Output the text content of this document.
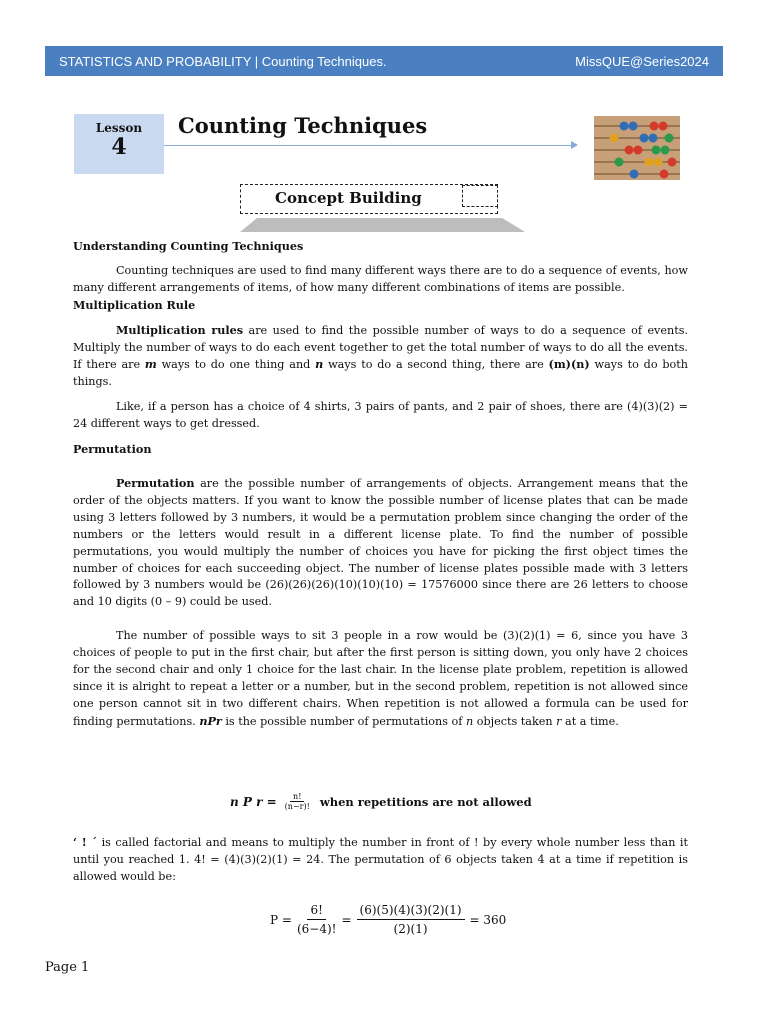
STATISTICS AND PROBABILITY | Counting Techniques.	MissQUE@Series2024
Lesson
4
Counting Techniques
Concept Building

Understanding Counting Techniques

Counting techniques are used to find many different ways there are to do a sequence of events, how many different arrangements of items, of how many different combinations of items are possible.

Multiplication Rule

Multiplication rules are used to find the possible number of ways to do a sequence of events. Multiply the number of ways to do each event together to get the total number of ways to do all the events. If there are m ways to do one thing and n ways to do a second thing, there are (m)(n) ways to do both things.

Like, if a person has a choice of 4 shirts, 3 pairs of pants, and 2 pair of shoes, there are (4)(3)(2) = 24 different ways to get dressed.

Permutation

Permutation are the possible number of arrangements of objects. Arrangement means that the order of the objects matters. If you want to know the possible number of license plates that can be made using 3 letters followed by 3 numbers, it would be a permutation problem since changing the order of the numbers or the letters would result in a different license plate. To find the number of possible permutations, you would multiply the number of choices you have for picking the first object times the number of choices for each succeeding object. The number of license plates possible made with 3 letters followed by 3 numbers would be (26)(26)(26)(10)(10)(10) = 17576000 since there are 26 letters to choose and 10 digits (0 – 9) could be used.

The number of possible ways to sit 3 people in a row would be (3)(2)(1) = 6, since you have 3 choices of people to put in the first chair, but after the first person is sitting down, you only have 2 choices for the second chair and only 1 choice for the last chair. In the license plate problem, repetition is allowed since it is alright to repeat a letter or a number, but in the second problem, repetition is not allowed since one person cannot sit in two different chairs. When repetition is not allowed a formula can be used for finding permutations. nPr is the possible number of permutations of n objects taken r at a time.

n P $r = \frac{n!}{(n-r)!}$ when repetitions are not allowed
‘ ! ´ is called factorial and means to multiply the number in front of ! by every whole number less than it until you reached 1. 4! = (4)(3)(2)(1) = 24. The permutation of 6 objects taken 4 at a time if repetition is allowed would be:
$P = \frac{6!}{(6-4)!} = \frac{(6)(5)(4)(3)(2)(1)}{(2)(1)} = 360$
Page 1
